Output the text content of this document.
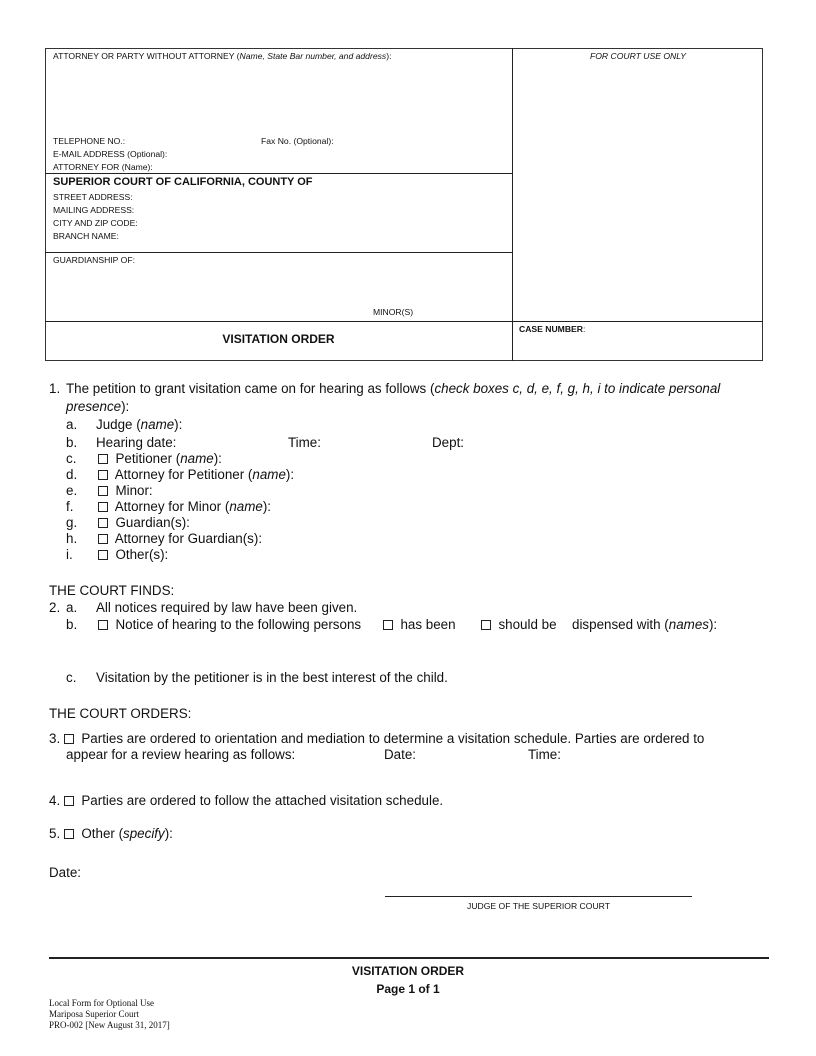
ATTORNEY OR PARTY WITHOUT ATTORNEY (Name, State Bar number, and address):	FOR COURT USE ONLY
TELEPHONE NO.:	Fax No. (Optional):
E-MAIL ADDRESS (Optional):
ATTORNEY FOR (Name):
SUPERIOR COURT OF CALIFORNIA, COUNTY OF
STREET ADDRESS:
MAILING ADDRESS:
CITY AND ZIP CODE:
BRANCH NAME:
GUARDIANSHIP OF:
MINOR(S)
VISITATION ORDER
CASE NUMBER:
1. The petition to grant visitation came on for hearing as follows (check boxes c, d, e, f, g, h, i to indicate personal
presence):
a. Judge (name):
b. Hearing date:	Time:	Dept:
c.	Petitioner (name):
d.	Attorney for Petitioner (name):
e.	Minor:
f.	Attorney for Minor (name):
g.	Guardian(s):
h.	Attorney for Guardian(s):
i.	Other(s):
THE COURT FINDS:
2. a. All notices required by law have been given.
b.	Notice of hearing to the following persons	has been	should be dispensed with (names):
c. Visitation by the petitioner is in the best interest of the child.
THE COURT ORDERS:
3. Parties are ordered to orientation and mediation to determine a visitation schedule. Parties are ordered to
appear for a review hearing as follows:	Date:	Time:
4. Parties are ordered to follow the attached visitation schedule.
5. Other (specify):
Date:
JUDGE OF THE SUPERIOR COURT
VISITATION ORDER
Page 1 of 1
Local Form for Optional Use
Mariposa Superior Court
PRO-002 [New August 31, 2017]
